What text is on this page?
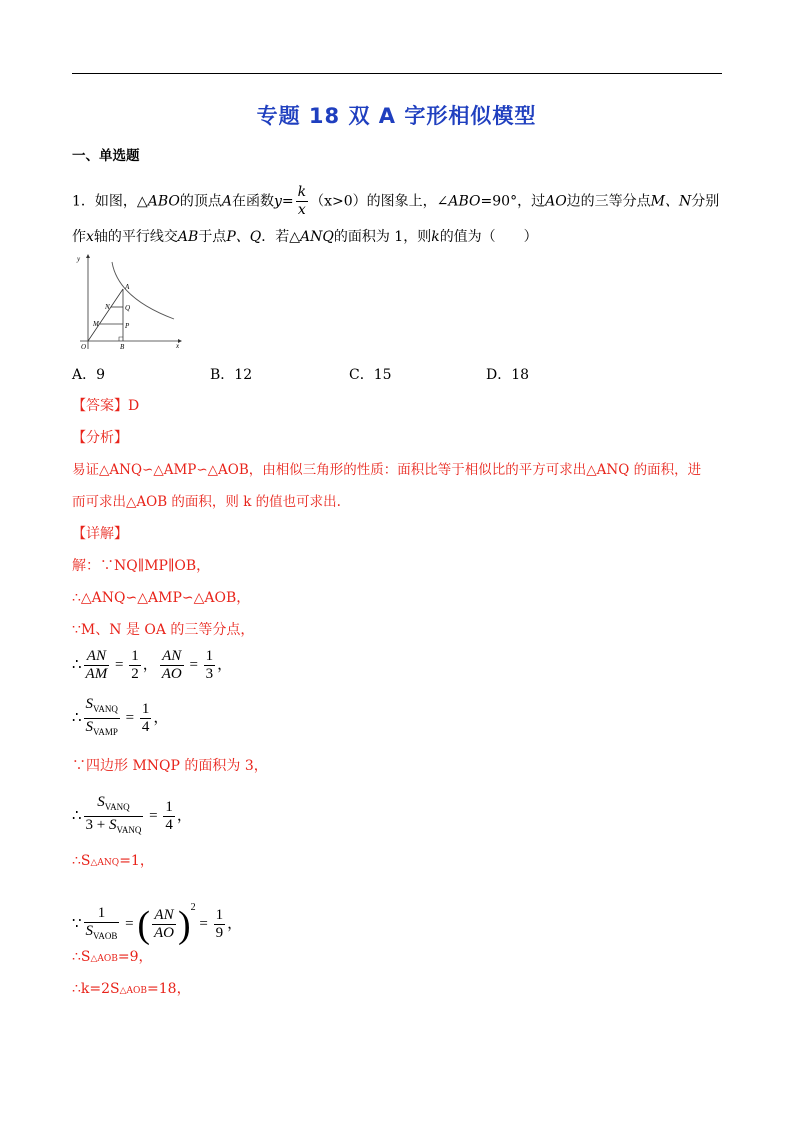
专题 18 双 A 字形相似模型
一、单选题
1．如图，△ABO的顶点A在函数$y= \frac{k}{x} (x>0)$的图象上，∠ABO=90°，过AO边的三等分点M、N分别
作x轴的平行线交AB于点P、Q．若△ANQ的面积为 1，则k的值为（　　）
y
x
O
A
B
N
M
Q
P
A．9	B．12	C．15	D．18
【答案】D
【分析】
易证△ANQ∽△AMP∽△AOB，由相似三角形的性质：面积比等于相似比的平方可求出△ANQ 的面积，进
而可求出△AOB 的面积，则 k 的值也可求出.
【详解】
解：∵NQ∥MP∥OB，
∴△ANQ∽△AMP∽△AOB，
∵M、N 是 OA 的三等分点，
∴ $\frac{AN}{AM} = \frac{1}{2}$ ， $\frac{AN}{AO} = \frac{1}{3}$ ，
∴ $\frac{S_{VANQ}}{S_{VAMP}} = \frac{1}{4}$ ，
∵四边形 MNQP 的面积为 3，
∴ $\frac{S_{VANQ}}{3 + S_{VANQ}} = \frac{1}{4}$ ，
∴S△ANQ=1，
∵ $\frac{1}{S_{VAOB}}$ = ( $\frac{AN}{AO} )^2 = \frac{1}{9}$ ，
∴S△AOB=9，
∴k=2S△AOB=18，
